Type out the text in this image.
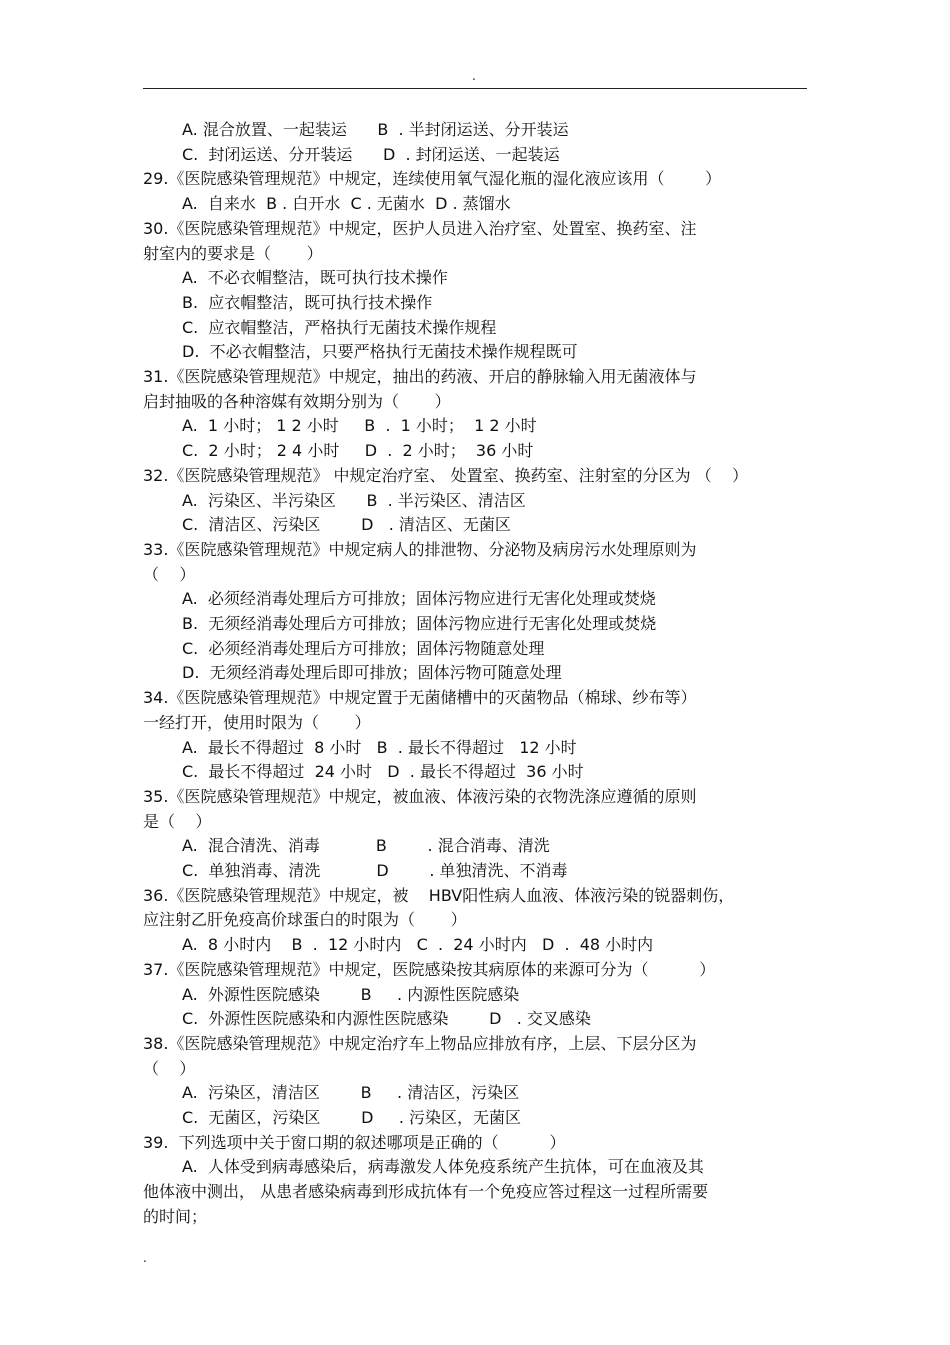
.
A. 混合放置、一起装运      B  . 半封闭运送、分开装运
C.  封闭运送、分开装运      D  . 封闭运送、一起装运
29.《医院感染管理规范》中规定，连续使用氧气湿化瓶的湿化液应该用（        ）
A.  自来水  B . 白开水  C . 无菌水  D . 蒸馏水
30.《医院感染管理规范》中规定，医护人员进入治疗室、处置室、换药室、注
射室内的要求是（       ）
A.  不必衣帽整洁，既可执行技术操作
B.  应衣帽整洁，既可执行技术操作
C.  应衣帽整洁，严格执行无菌技术操作规程
D.  不必衣帽整洁，只要严格执行无菌技术操作规程既可
31.《医院感染管理规范》中规定，抽出的药液、开启的静脉输入用无菌液体与
启封抽吸的各种溶媒有效期分别为（       ）
A.  1 小时； 1 2 小时     B  .  1 小时；  1 2 小时
C.  2 小时； 2 4 小时     D  .  2 小时；  36 小时
32.《医院感染管理规范》 中规定治疗室、 处置室、换药室、注射室的分区为 （    ）
A.  污染区、半污染区      B  . 半污染区、清洁区
C.  清洁区、污染区        D   . 清洁区、无菌区
33.《医院感染管理规范》中规定病人的排泄物、分泌物及病房污水处理原则为
（    ）
A.  必须经消毒处理后方可排放；固体污物应进行无害化处理或焚烧
B.  无须经消毒处理后方可排放；固体污物应进行无害化处理或焚烧
C.  必须经消毒处理后方可排放；固体污物随意处理
D.  无须经消毒处理后即可排放；固体污物可随意处理
34.《医院感染管理规范》中规定置于无菌储槽中的灭菌物品（棉球、纱布等）
一经打开，使用时限为（       ）
A.  最长不得超过  8 小时   B  . 最长不得超过   12 小时
C.  最长不得超过  24 小时   D  . 最长不得超过  36 小时
35.《医院感染管理规范》中规定，被血液、体液污染的衣物洗涤应遵循的原则
是（    ）
A.  混合清洗、消毒           B        . 混合消毒、清洗
C.  单独消毒、清洗           D        . 单独清洗、不消毒
36.《医院感染管理规范》中规定，被    HBV阳性病人血液、体液污染的锐器刺伤，
应注射乙肝免疫高价球蛋白的时限为（       ）
A.  8 小时内    B  .  12 小时内   C  .  24 小时内   D  .  48 小时内
37.《医院感染管理规范》中规定，医院感染按其病原体的来源可分为（          ）
A.  外源性医院感染        B     . 内源性医院感染
C.  外源性医院感染和内源性医院感染        D   . 交叉感染
38.《医院感染管理规范》中规定治疗车上物品应排放有序，上层、下层分区为
（    ）
A.  污染区，清洁区        B     . 清洁区，污染区
C.  无菌区，污染区        D     . 污染区，无菌区
39.  下列选项中关于窗口期的叙述哪项是正确的（          ）
A.  人体受到病毒感染后，病毒激发人体免疫系统产生抗体，可在血液及其
他体液中测出， 从患者感染病毒到形成抗体有一个免疫应答过程这一过程所需要
的时间；
.
